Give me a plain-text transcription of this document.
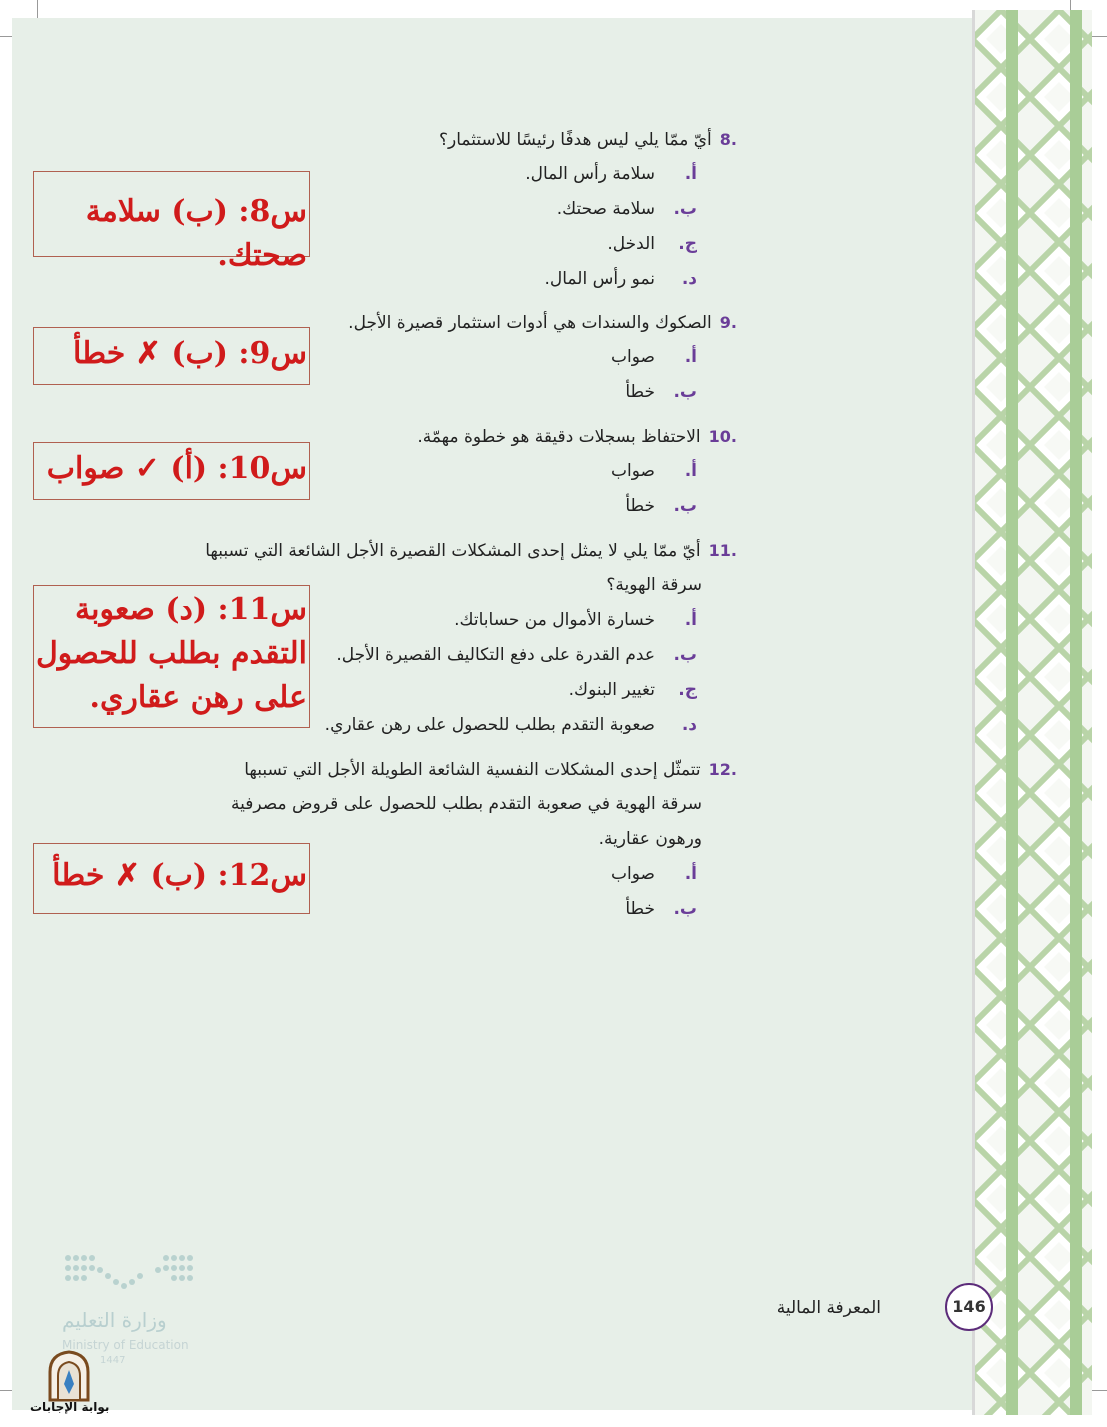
.8أيّ ممّا يلي ليس هدفًا رئيسًا للاستثمار؟
أ.سلامة رأس المال.
ب.سلامة صحتك.
ج.الدخل.
د.نمو رأس المال.
.9الصكوك والسندات هي أدوات استثمار قصيرة الأجل.
أ.صواب
ب.خطأ
.10الاحتفاظ بسجلات دقيقة هو خطوة مهمّة.
أ.صواب
ب.خطأ
.11أيّ ممّا يلي لا يمثل إحدى المشكلات القصيرة الأجل الشائعة التي تسببها
سرقة الهوية؟
أ.خسارة الأموال من حساباتك.
ب.عدم القدرة على دفع التكاليف القصيرة الأجل.
ج.تغيير البنوك.
د.صعوبة التقدم بطلب للحصول على رهن عقاري.
.12تتمثّل إحدى المشكلات النفسية الشائعة الطويلة الأجل التي تسببها
سرقة الهوية في صعوبة التقدم بطلب للحصول على قروض مصرفية
ورهون عقارية.
أ.صواب
ب.خطأ
س8: (ب) سلامة صحتك.
س9: (ب) ✗ خطأ
س10: (أ) ✓ صواب
س11: (د) صعوبة
التقدم بطلب للحصول
على رهن عقاري.
س12: (ب) ✗ خطأ
المعرفة المالية	146
وزارة التعليم
Ministry of Education
1447
بوابة الإجابات
